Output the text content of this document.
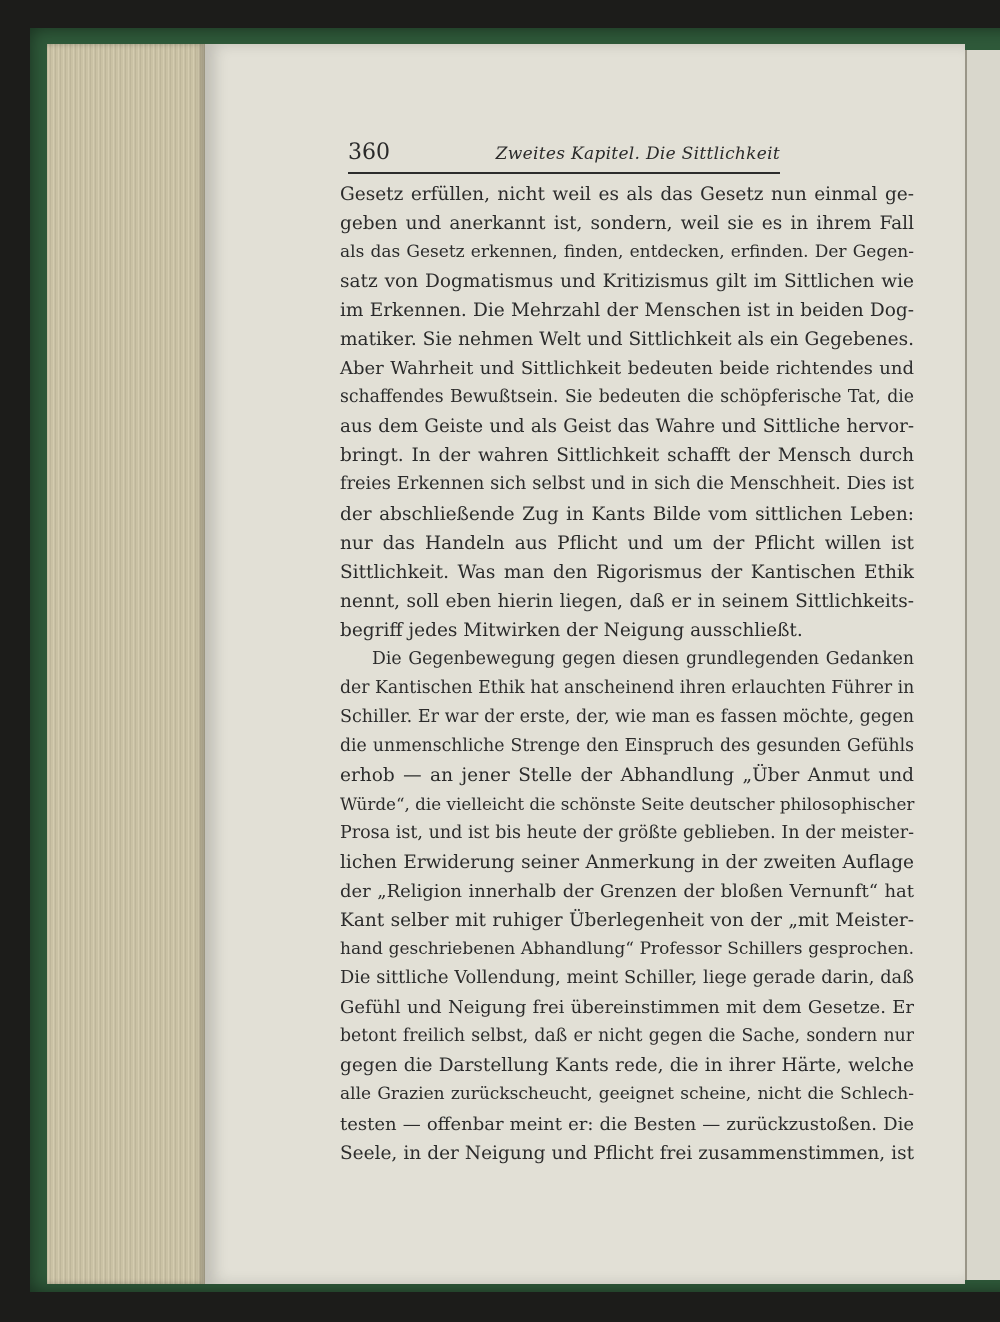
360	Zweites Kapitel. Die Sittlichkeit
Gesetz erfüllen, nicht weil es als das Gesetz nun einmal ge-
geben und anerkannt ist, sondern, weil sie es in ihrem Fall
als das Gesetz erkennen, finden, entdecken, erfinden. Der Gegen-
satz von Dogmatismus und Kritizismus gilt im Sittlichen wie
im Erkennen. Die Mehrzahl der Menschen ist in beiden Dog-
matiker. Sie nehmen Welt und Sittlichkeit als ein Gegebenes.
Aber Wahrheit und Sittlichkeit bedeuten beide richtendes und
schaffendes Bewußtsein. Sie bedeuten die schöpferische Tat, die
aus dem Geiste und als Geist das Wahre und Sittliche hervor-
bringt. In der wahren Sittlichkeit schafft der Mensch durch
freies Erkennen sich selbst und in sich die Menschheit. Dies ist
der abschließende Zug in Kants Bilde vom sittlichen Leben:
nur das Handeln aus Pflicht und um der Pflicht willen ist
Sittlichkeit. Was man den Rigorismus der Kantischen Ethik
nennt, soll eben hierin liegen, daß er in seinem Sittlichkeits-
begriff jedes Mitwirken der Neigung ausschließt.
Die Gegenbewegung gegen diesen grundlegenden Gedanken
der Kantischen Ethik hat anscheinend ihren erlauchten Führer in
Schiller. Er war der erste, der, wie man es fassen möchte, gegen
die unmenschliche Strenge den Einspruch des gesunden Gefühls
erhob — an jener Stelle der Abhandlung „Über Anmut und
Würde“, die vielleicht die schönste Seite deutscher philosophischer
Prosa ist, und ist bis heute der größte geblieben. In der meister-
lichen Erwiderung seiner Anmerkung in der zweiten Auflage
der „Religion innerhalb der Grenzen der bloßen Vernunft“ hat
Kant selber mit ruhiger Überlegenheit von der „mit Meister-
hand geschriebenen Abhandlung“ Professor Schillers gesprochen.
Die sittliche Vollendung, meint Schiller, liege gerade darin, daß
Gefühl und Neigung frei übereinstimmen mit dem Gesetze. Er
betont freilich selbst, daß er nicht gegen die Sache, sondern nur
gegen die Darstellung Kants rede, die in ihrer Härte, welche
alle Grazien zurückscheucht, geeignet scheine, nicht die Schlech-
testen — offenbar meint er: die Besten — zurückzustoßen. Die
Seele, in der Neigung und Pflicht frei zusammenstimmen, ist
